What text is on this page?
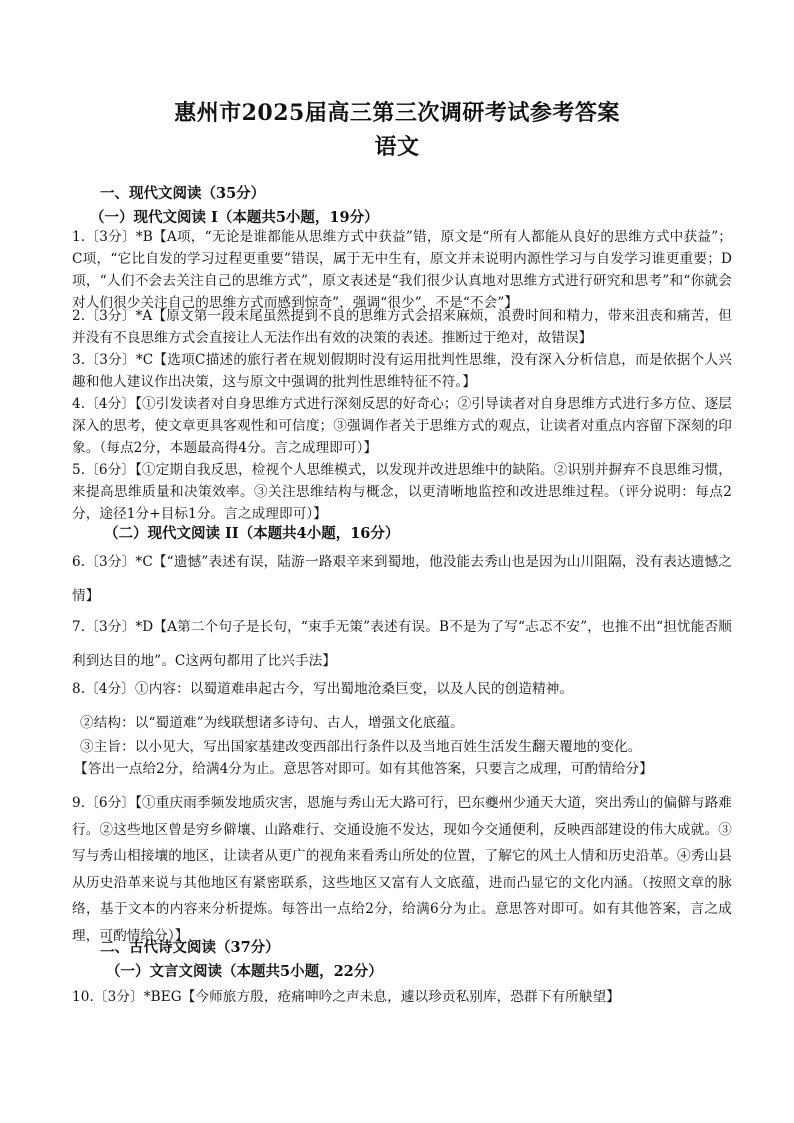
惠州市2025届高三第三次调研考试参考答案
语文
一、现代文阅读（35分）
（一）现代文阅读 I（本题共5小题，19分）
1.〔3分〕*B【A项，“无论是谁都能从思维方式中获益”错，原文是“所有人都能从良好的思维方式中获益”；C项，“它比自发的学习过程更重要”错误，属于无中生有，原文并未说明内源性学习与自发学习谁更重要；D项，“人们不会去关注自己的思维方式”，原文表述是“我们很少认真地对思维方式进行研究和思考”和“你就会对人们很少关注自己的思维方式而感到惊奇”，强调“很少”，不是“不会”】
2.〔3分〕*A【原文第一段末尾虽然提到不良的思维方式会招来麻烦，浪费时间和精力，带来沮丧和痛苦，但并没有不良思维方式会直接让人无法作出有效的决策的表述。推断过于绝对，故错误】
3.〔3分〕*C【选项C描述的旅行者在规划假期时没有运用批判性思维，没有深入分析信息，而是依据个人兴趣和他人建议作出决策，这与原文中强调的批判性思维特征不符。】
4.〔4分〕【①引发读者对自身思维方式进行深刻反思的好奇心；②引导读者对自身思维方式进行多方位、逐层深入的思考，使文章更具客观性和可信度；③强调作者关于思维方式的观点，让读者对重点内容留下深刻的印象。（每点2分，本题最高得4分。言之成理即可）】
5.〔6分〕【①定期自我反思，检视个人思维模式，以发现并改进思维中的缺陷。②识别并摒弃不良思维习惯，来提高思维质量和决策效率。③关注思维结构与概念，以更清晰地监控和改进思维过程。（评分说明：每点2分，途径1分+目标1分。言之成理即可）】
（二）现代文阅读 II（本题共4小题，16分）
6.〔3分〕*C【“遗憾”表述有误，陆游一路艰辛来到蜀地，他没能去秀山也是因为山川阻隔，没有表达遗憾之情】
7.〔3分〕*D【A第二个句子是长句，“束手无策”表述有误。B不是为了写“忐忑不安”，也推不出“担忧能否顺利到达目的地”。C这两句都用了比兴手法】
8.〔4分〕①内容：以蜀道难串起古今，写出蜀地沧桑巨变，以及人民的创造精神。
②结构：以“蜀道难”为线联想诸多诗句、古人，增强文化底蕴。
③主旨：以小见大，写出国家基建改变西部出行条件以及当地百姓生活发生翻天覆地的变化。
【答出一点给2分，给满4分为止。意思答对即可。如有其他答案，只要言之成理，可酌情给分】
9.〔6分〕【①重庆雨季频发地质灾害，恩施与秀山无大路可行，巴东夔州少通天大道，突出秀山的偏僻与路难行。②这些地区曾是穷乡僻壤、山路难行、交通设施不发达，现如今交通便利，反映西部建设的伟大成就。③写与秀山相接壤的地区，让读者从更广的视角来看秀山所处的位置，了解它的风土人情和历史沿革。④秀山县从历史沿革来说与其他地区有紧密联系，这些地区又富有人文底蕴，进而凸显它的文化内涵。（按照文章的脉络，基于文本的内容来分析提炼。每答出一点给2分，给满6分为止。意思答对即可。如有其他答案，言之成理，可酌情给分）】
二、古代诗文阅读（37分）
（一）文言文阅读（本题共5小题，22分）
10.〔3分〕*BEG【今师旅方殷，疮痛呻吟之声未息，遽以珍贡私别库，恐群下有所觖望】
